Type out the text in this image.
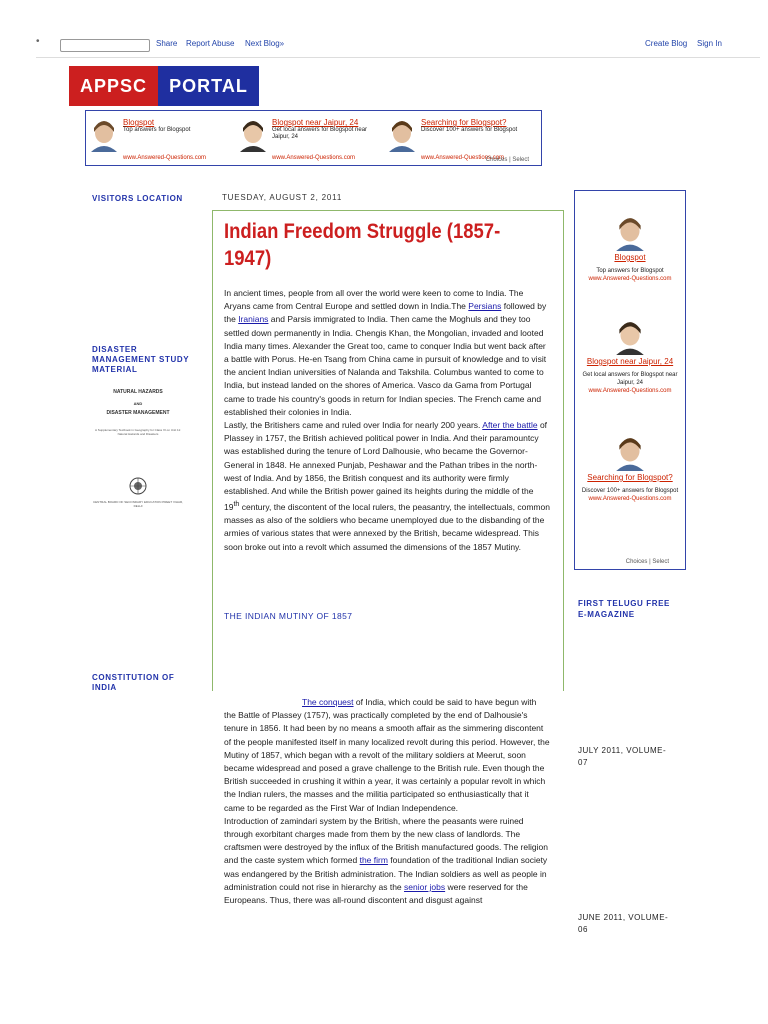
•	Share Report Abuse Next Blog»	Create Blog Sign In
APPSC	PORTAL
Blogspot
Top answers for Blogspot
www.Answered-Questions.com
Blogspot near Jaipur, 24
Get local answers for Blogspot near Jaipur, 24
www.Answered-Questions.com
Searching for Blogspot?
Discover 100+ answers for Blogspot
www.Answered-Questions.com
Choices | Select
VISITORS LOCATION
DISASTER MANAGEMENT STUDY MATERIAL
NATURAL HAZARDS
AND
DISASTER MANAGEMENT
A Supplementary Textbook in Geography for Class XI on Unit 11: Natural Hazards and Disasters
CENTRAL BOARD OF SECONDARY EDUCATION PREET VIHAR, DELHI
CONSTITUTION OF INDIA
TUESDAY, AUGUST 2, 2011
Indian Freedom Struggle (1857-1947)
In ancient times, people from all over the world were keen to come to India. The Aryans came from Central Europe and settled down in India.The Persians followed by the Iranians and Parsis immigrated to India. Then came the Moghuls and they too settled down permanently in India. Chengis Khan, the Mongolian, invaded and looted India many times. Alexander the Great too, came to conquer India but went back after a battle with Porus. He-en Tsang from China came in pursuit of knowledge and to visit the ancient Indian universities of Nalanda and Takshila. Columbus wanted to come to India, but instead landed on the shores of America. Vasco da Gama from Portugal came to trade his country's goods in return for Indian species. The French came and established their colonies in India.
Lastly, the Britishers came and ruled over India for nearly 200 years. After the battle of Plassey in 1757, the British achieved political power in India. And their paramountcy was established during the tenure of Lord Dalhousie, who became the Governor- General in 1848. He annexed Punjab, Peshawar and the Pathan tribes in the north-west of India. And by 1856, the British conquest and its authority were firmly established. And while the British power gained its heights during the middle of the 19th century, the discontent of the local rulers, the peasantry, the intellectuals, common masses as also of the soldiers who became unemployed due to the disbanding of the armies of various states that were annexed by the British, became widespread. This soon broke out into a revolt which assumed the dimensions of the 1857 Mutiny.
THE INDIAN MUTINY OF 1857
The conquest of India, which could be said to have begun with the Battle of Plassey (1757), was practically completed by the end of Dalhousie's tenure in 1856. It had been by no means a smooth affair as the simmering discontent of the people manifested itself in many localized revolt during this period. However, the Mutiny of 1857, which began with a revolt of the military soldiers at Meerut, soon became widespread and posed a grave challenge to the British rule. Even though the British succeeded in crushing it within a year, it was certainly a popular revolt in which the Indian rulers, the masses and the militia participated so enthusiastically that it came to be regarded as the First War of Indian Independence.
Introduction of zamindari system by the British, where the peasants were ruined through exorbitant charges made from them by the new class of landlords. The craftsmen were destroyed by the influx of the British manufactured goods. The religion and the caste system which formed the firm foundation of the traditional Indian society was endangered by the British administration. The Indian soldiers as well as people in administration could not rise in hierarchy as the senior jobs were reserved for the Europeans. Thus, there was all-round discontent and disgust against
Blogspot
Top answers for Blogspot
www.Answered-Questions.com
Blogspot near Jaipur, 24
Get local answers for Blogspot near Jaipur, 24
www.Answered-Questions.com
Searching for Blogspot?
Discover 100+ answers for Blogspot
www.Answered-Questions.com
Choices | Select
FIRST TELUGU FREE E-MAGAZINE
JULY 2011, VOLUME-07
JUNE 2011, VOLUME-06
